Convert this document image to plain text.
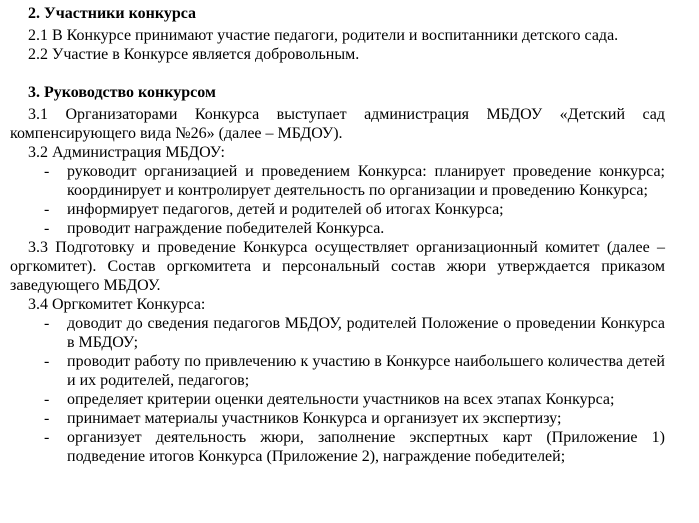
2. Участники конкурса

2.1 В Конкурсе принимают участие педагоги, родители и воспитанники детского сада.

2.2 Участие в Конкурсе является добровольным.

3. Руководство конкурсом

3.1 Организаторами Конкурса выступает администрация МБДОУ «Детский сад компенсирующего вида №26» (далее – МБДОУ).

3.2 Администрация МБДОУ:

- руководит организацией и проведением Конкурса: планирует проведение конкурса; координирует и контролирует деятельность по организации и проведению Конкурса;
- информирует педагогов, детей и родителей об итогах Конкурса;
- проводит награждение победителей Конкурса.

3.3 Подготовку и проведение Конкурса осуществляет организационный комитет (далее – оргкомитет). Состав оргкомитета и персональный состав жюри утверждается приказом заведующего МБДОУ.

3.4 Оргкомитет Конкурса:

- доводит до сведения педагогов МБДОУ, родителей Положение о проведении Конкурса в МБДОУ;
- проводит работу по привлечению к участию в Конкурсе наибольшего количества детей и их родителей, педагогов;
- определяет критерии оценки деятельности участников на всех этапах Конкурса;
- принимает материалы участников Конкурса и организует их экспертизу;
- организует деятельность жюри, заполнение экспертных карт (Приложение 1) подведение итогов Конкурса (Приложение 2), награждение победителей;
